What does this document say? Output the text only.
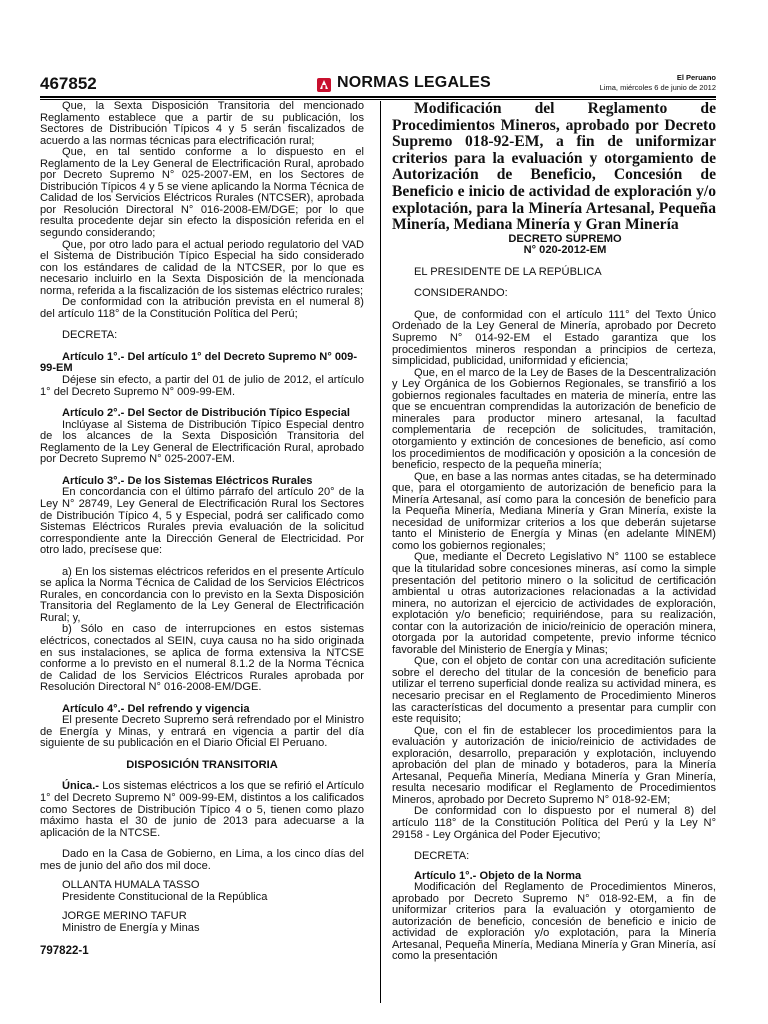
467852	NORMAS LEGALES	El Peruano
Lima, miércoles 6 de junio de 2012

Que, la Sexta Disposición Transitoria del mencionado Reglamento establece que a partir de su publicación, los Sectores de Distribución Típicos 4 y 5 serán fiscalizados de acuerdo a las normas técnicas para electrificación rural;

Que, en tal sentido conforme a lo dispuesto en el Reglamento de la Ley General de Electrificación Rural, aprobado por Decreto Supremo N° 025-2007-EM, en los Sectores de Distribución Típicos 4 y 5 se viene aplicando la Norma Técnica de Calidad de los Servicios Eléctricos Rurales (NTCSER), aprobada por Resolución Directoral N° 016-2008-EM/DGE; por lo que resulta procedente dejar sin efecto la disposición referida en el segundo considerando;

Que, por otro lado para el actual periodo regulatorio del VAD el Sistema de Distribución Típico Especial ha sido considerado con los estándares de calidad de la NTCSER, por lo que es necesario incluirlo en la Sexta Disposición de la mencionada norma, referida a la fiscalización de los sistemas eléctrico rurales;

De conformidad con la atribución prevista en el numeral 8) del artículo 118° de la Constitución Política del Perú;

DECRETA:

Artículo 1°.- Del artículo 1° del Decreto Supremo N° 009-99-EM

Déjese sin efecto, a partir del 01 de julio de 2012, el artículo 1° del Decreto Supremo N° 009-99-EM.

Artículo 2°.- Del Sector de Distribución Típico Especial

Inclúyase al Sistema de Distribución Típico Especial dentro de los alcances de la Sexta Disposición Transitoria del Reglamento de la Ley General de Electrificación Rural, aprobado por Decreto Supremo N° 025-2007-EM.

Artículo 3°.- De los Sistemas Eléctricos Rurales

En concordancia con el último párrafo del artículo 20° de la Ley N° 28749, Ley General de Electrificación Rural los Sectores de Distribución Típico 4, 5 y Especial, podrá ser calificado como Sistemas Eléctricos Rurales previa evaluación de la solicitud correspondiente ante la Dirección General de Electricidad. Por otro lado, precísese que:

a) En los sistemas eléctricos referidos en el presente Artículo se aplica la Norma Técnica de Calidad de los Servicios Eléctricos Rurales, en concordancia con lo previsto en la Sexta Disposición Transitoria del Reglamento de la Ley General de Electrificación Rural; y,

b) Sólo en caso de interrupciones en estos sistemas eléctricos, conectados al SEIN, cuya causa no ha sido originada en sus instalaciones, se aplica de forma extensiva la NTCSE conforme a lo previsto en el numeral 8.1.2 de la Norma Técnica de Calidad de los Servicios Eléctricos Rurales aprobada por Resolución Directoral N° 016-2008-EM/DGE.

Artículo 4°.- Del refrendo y vigencia

El presente Decreto Supremo será refrendado por el Ministro de Energía y Minas, y entrará en vigencia a partir del día siguiente de su publicación en el Diario Oficial El Peruano.

DISPOSICIÓN TRANSITORIA

Única.- Los sistemas eléctricos a los que se refirió el Artículo 1° del Decreto Supremo N° 009-99-EM, distintos a los calificados como Sectores de Distribución Típico 4 o 5, tienen como plazo máximo hasta el 30 de junio de 2013 para adecuarse a la aplicación de la NTCSE.

Dado en la Casa de Gobierno, en Lima, a los cinco días del mes de junio del año dos mil doce.

OLLANTA HUMALA TASSO

Presidente Constitucional de la República

JORGE MERINO TAFUR

Ministro de Energía y Minas

797822-1

Modificación del Reglamento de Procedimientos Mineros, aprobado por Decreto Supremo 018-92-EM, a fin de uniformizar criterios para la evaluación y otorgamiento de Autorización de Beneficio, Concesión de Beneficio e inicio de actividad de exploración y/o explotación, para la Minería Artesanal, Pequeña Minería, Mediana Minería y Gran Minería

DECRETO SUPREMO

N° 020-2012-EM

EL PRESIDENTE DE LA REPÚBLICA

CONSIDERANDO:

Que, de conformidad con el artículo 111° del Texto Único Ordenado de la Ley General de Minería, aprobado por Decreto Supremo N° 014-92-EM el Estado garantiza que los procedimientos mineros respondan a principios de certeza, simplicidad, publicidad, uniformidad y eficiencia;

Que, en el marco de la Ley de Bases de la Descentralización y Ley Orgánica de los Gobiernos Regionales, se transfirió a los gobiernos regionales facultades en materia de minería, entre las que se encuentran comprendidas la autorización de beneficio de minerales para productor minero artesanal, la facultad complementaria de recepción de solicitudes, tramitación, otorgamiento y extinción de concesiones de beneficio, así como los procedimientos de modificación y oposición a la concesión de beneficio, respecto de la pequeña minería;

Que, en base a las normas antes citadas, se ha determinado que, para el otorgamiento de autorización de beneficio para la Minería Artesanal, así como para la concesión de beneficio para la Pequeña Minería, Mediana Minería y Gran Minería, existe la necesidad de uniformizar criterios a los que deberán sujetarse tanto el Ministerio de Energía y Minas (en adelante MINEM) como los gobiernos regionales;

Que, mediante el Decreto Legislativo N° 1100 se establece que la titularidad sobre concesiones mineras, así como la simple presentación del petitorio minero o la solicitud de certificación ambiental u otras autorizaciones relacionadas a la actividad minera, no autorizan el ejercicio de actividades de exploración, explotación y/o beneficio; requiriéndose, para su realización, contar con la autorización de inicio/reinicio de operación minera, otorgada por la autoridad competente, previo informe técnico favorable del Ministerio de Energía y Minas;

Que, con el objeto de contar con una acreditación suficiente sobre el derecho del titular de la concesión de beneficio para utilizar el terreno superficial donde realiza su actividad minera, es necesario precisar en el Reglamento de Procedimiento Mineros las características del documento a presentar para cumplir con este requisito;

Que, con el fin de establecer los procedimientos para la evaluación y autorización de inicio/reinicio de actividades de exploración, desarrollo, preparación y explotación, incluyendo aprobación del plan de minado y botaderos, para la Minería Artesanal, Pequeña Minería, Mediana Minería y Gran Minería, resulta necesario modificar el Reglamento de Procedimientos Mineros, aprobado por Decreto Supremo N° 018-92-EM;

De conformidad con lo dispuesto por el numeral 8) del artículo 118° de la Constitución Política del Perú y la Ley N° 29158 - Ley Orgánica del Poder Ejecutivo;

DECRETA:

Artículo 1°.- Objeto de la Norma

Modificación del Reglamento de Procedimientos Mineros, aprobado por Decreto Supremo N° 018-92-EM, a fin de uniformizar criterios para la evaluación y otorgamiento de autorización de beneficio, concesión de beneficio e inicio de actividad de exploración y/o explotación, para la Minería Artesanal, Pequeña Minería, Mediana Minería y Gran Minería, así como la presentación
